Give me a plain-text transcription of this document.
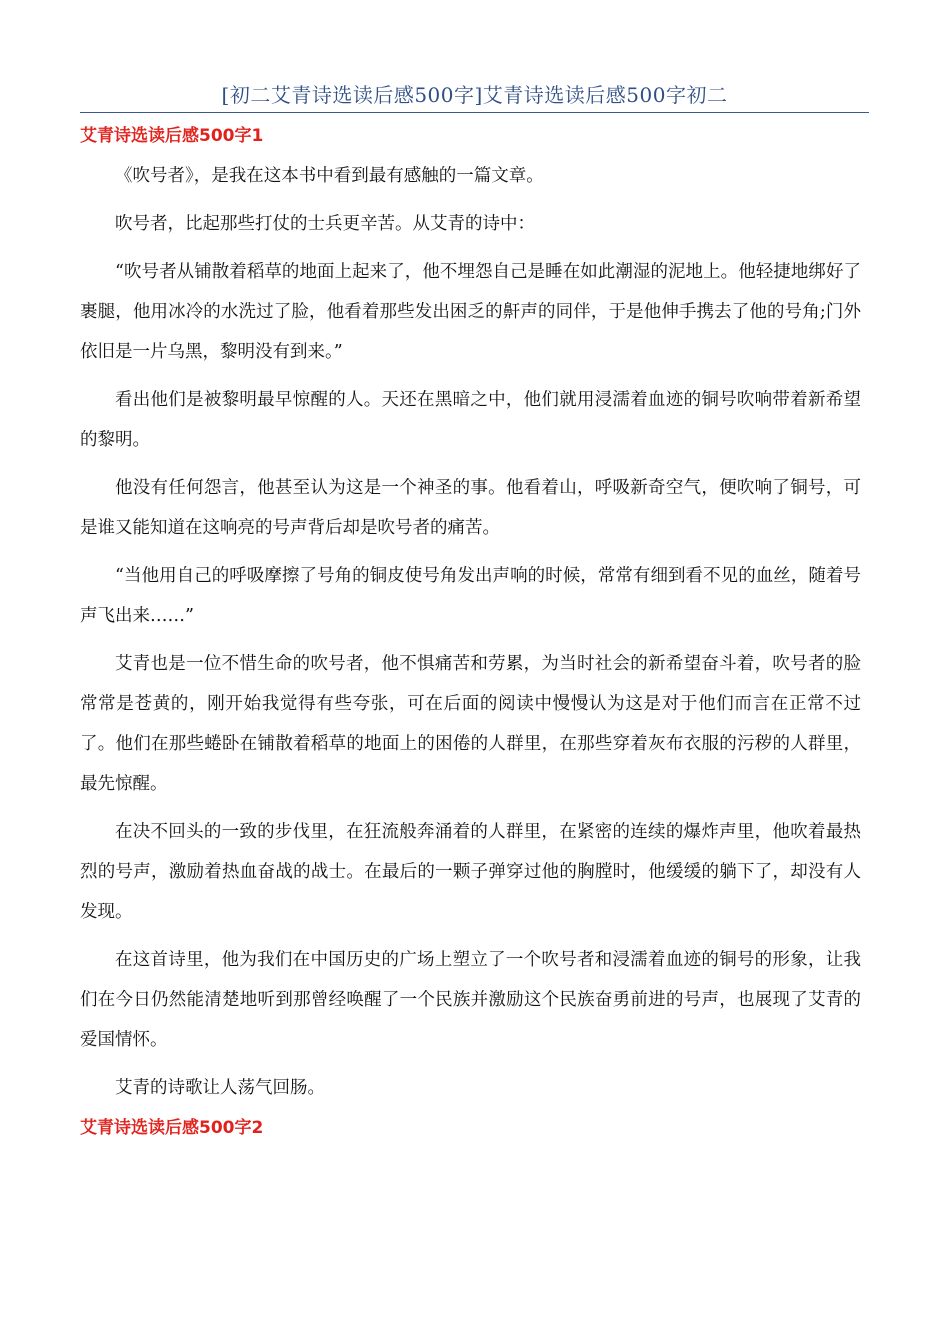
[初二艾青诗选读后感500字]艾青诗选读后感500字初二
艾青诗选读后感500字1

《吹号者》，是我在这本书中看到最有感触的一篇文章。

吹号者，比起那些打仗的士兵更辛苦。从艾青的诗中：

“吹号者从铺散着稻草的地面上起来了，他不埋怨自己是睡在如此潮湿的泥地上。他轻捷地绑好了裹腿，他用冰冷的水洗过了脸，他看着那些发出困乏的鼾声的同伴，于是他伸手携去了他的号角;门外依旧是一片乌黑，黎明没有到来。”

看出他们是被黎明最早惊醒的人。天还在黑暗之中，他们就用浸濡着血迹的铜号吹响带着新希望的黎明。

他没有任何怨言，他甚至认为这是一个神圣的事。他看着山，呼吸新奇空气，便吹响了铜号，可是谁又能知道在这响亮的号声背后却是吹号者的痛苦。

“当他用自己的呼吸摩擦了号角的铜皮使号角发出声响的时候，常常有细到看不见的血丝，随着号声飞出来……”

艾青也是一位不惜生命的吹号者，他不惧痛苦和劳累，为当时社会的新希望奋斗着，吹号者的脸常常是苍黄的，刚开始我觉得有些夸张，可在后面的阅读中慢慢认为这是对于他们而言在正常不过了。他们在那些蜷卧在铺散着稻草的地面上的困倦的人群里，在那些穿着灰布衣服的污秽的人群里，最先惊醒。

在决不回头的一致的步伐里，在狂流般奔涌着的人群里，在紧密的连续的爆炸声里，他吹着最热烈的号声，激励着热血奋战的战士。在最后的一颗子弹穿过他的胸膛时，他缓缓的躺下了，却没有人发现。

在这首诗里，他为我们在中国历史的广场上塑立了一个吹号者和浸濡着血迹的铜号的形象，让我们在今日仍然能清楚地听到那曾经唤醒了一个民族并激励这个民族奋勇前进的号声，也展现了艾青的爱国情怀。

艾青的诗歌让人荡气回肠。

艾青诗选读后感500字2
